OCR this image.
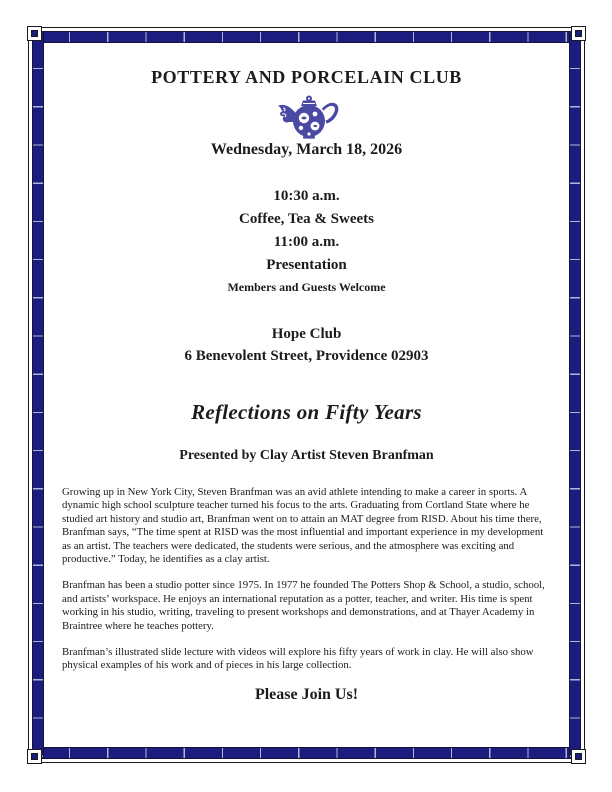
POTTERY AND PORCELAIN CLUB
Wednesday, March 18, 2026
10:30 a.m.
Coffee, Tea & Sweets
11:00 a.m.
Presentation
Members and Guests Welcome
Hope Club
6 Benevolent Street, Providence 02903
Reflections on Fifty Years
Presented by Clay Artist Steven Branfman

Growing up in New York City, Steven Branfman was an avid athlete intending to make a career in sports. A dynamic high school sculpture teacher turned his focus to the arts. Graduating from Cortland State where he studied art history and studio art, Branfman went on to attain an MAT degree from RISD. About his time there, Branfman says, “The time spent at RISD was the most influential and important experience in my development as an artist. The teachers were dedicated, the students were serious, and the atmosphere was exciting and productive.” Today, he identifies as a clay artist.

Branfman has been a studio potter since 1975. In 1977 he founded The Potters Shop & School, a studio, school, and artists’ workspace. He enjoys an international reputation as a potter, teacher, and writer. His time is spent working in his studio, writing, traveling to present workshops and demonstrations, and at Thayer Academy in Braintree where he teaches pottery.

Branfman’s illustrated slide lecture with videos will explore his fifty years of work in clay. He will also show physical examples of his work and of pieces in his large collection.

Please Join Us!
